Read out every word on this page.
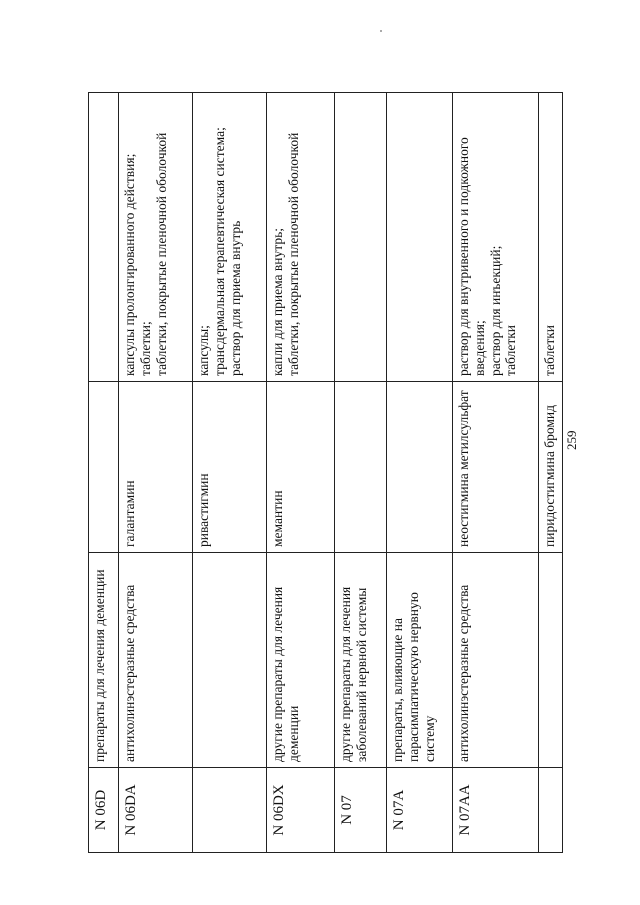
N 06D	препараты для лечения деменции		
N 06DA	антихолинэстеразные средства	галантамин	капсулы пролонгированного действия; таблетки; таблетки, покрытые пленочной оболочкой

		ривастигмин	капсулы; трансдермальная терапевтическая система; раствор для приема внутрь

N 06DX	другие препараты для лечения деменции	мемантин	капли для приема внутрь; таблетки, покрытые пленочной оболочкой

N 07	другие препараты для лечения заболеваний нервной системы		
N 07A	препараты, влияющие на парасимпатическую нервную систему		
N 07AA	антихолинэстеразные средства	неостигмина метилсульфат	раствор для внутривенного и подкожного введения; раствор для инъекций; таблетки

		пиридостигмина бромид	таблетки
259
